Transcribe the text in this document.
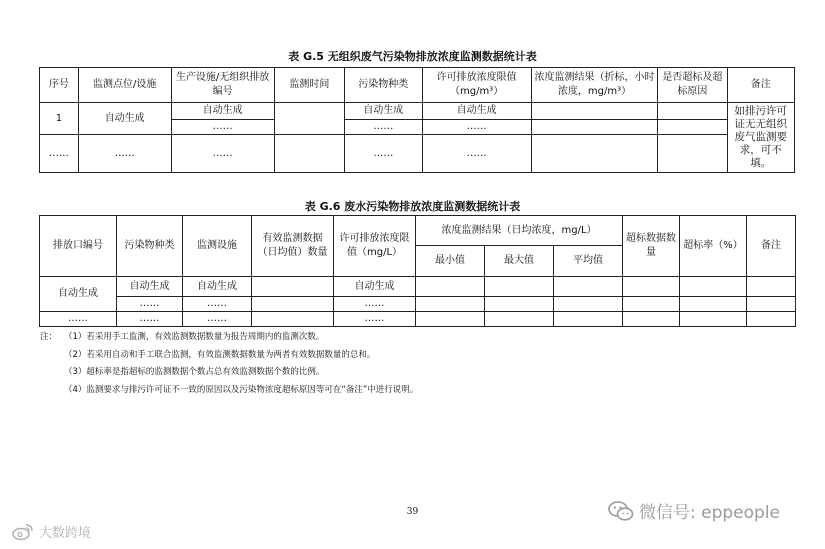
表 G.5 无组织废气污染物排放浓度监测数据统计表
序号	监测点位/设施	生产设施/无组织排放编号	监测时间	污染物种类	许可排放浓度限值（mg/m³）	浓度监测结果（折标，小时浓度，mg/m³）	是否超标及超标原因	备注
1	自动生成	自动生成		自动生成	自动生成			如排污许可证无无组织废气监测要求，可不填。
		……		……	……			
……	……	……		……	……			

表 G.6 废水污染物排放浓度监测数据统计表
排放口编号	污染物种类	监测设施	有效监测数据（日均值）数量	许可排放浓度限值（mg/L）	浓度监测结果（日均浓度，mg/L）			超标数据数量	超标率（%）	备注
					最小值	最大值	平均值			
自动生成	自动生成	自动生成		自动生成						
	……	……		……						
……	……	……		……						
注： （1）若采用手工监测，有效监测数据数量为报告周期内的监测次数。
（2）若采用自动和手工联合监测，有效监测数据数量为两者有效数据数量的总和。
（3）超标率是指超标的监测数据个数占总有效监测数据个数的比例。
（4）监测要求与排污许可证不一致的原因以及污染物浓度超标原因等可在“备注”中进行说明。
39	微信号: eppeople
大数跨境
